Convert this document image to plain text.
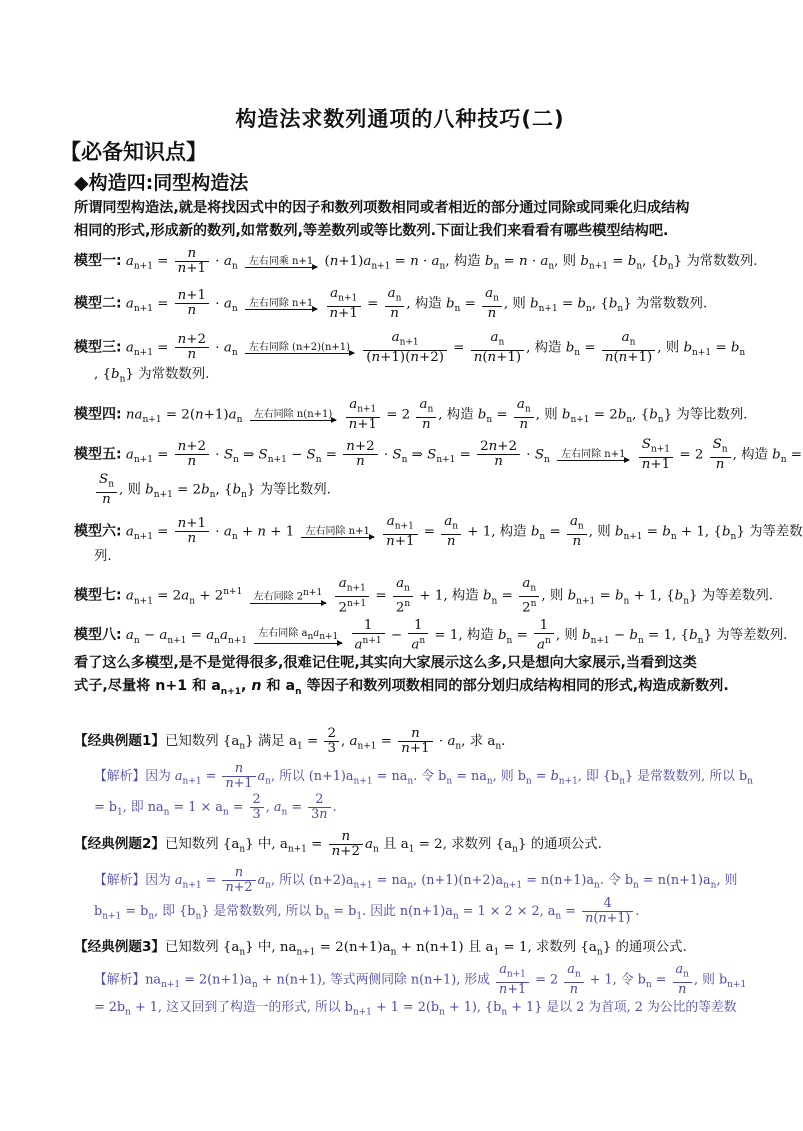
构造法求数列通项的八种技巧(二)
【必备知识点】
◆构造四:同型构造法
所谓同型构造法,就是将找因式中的因子和数列项数相同或者相近的部分通过同除或同乘化归成结构
相同的形式,形成新的数列,如常数列,等差数列或等比数列.下面让我们来看看有哪些模型结构吧.
模型一: $a_{n+1} = \frac{n}{n+1} \cdot a_n$
左右同乘 n+1 $(n+1)a_{n+1} = n \cdot a_n$, 构造 $b_n = n \cdot a_n$, 则 $b_{n+1} = b_n$, $\{b_n\}$ 为常数数列.
模型二: $a_{n+1} = \frac{n+1}{n} \cdot a_n$
左右同除 n+1
$\frac{a_{n+1}}{n+1} = \frac{a_n}{n}$ , 构造 $b_n = \frac{a_n}{n}$ , 则 $b_{n+1} = b_n$, $\{b_n\}$ 为常数数列.
模型三: $a_{n+1} = \frac{n+2}{n} \cdot a_n$
左右同除 (n+2)(n+1)
$\frac{a_{n+1}}{(n+1)(n+2)} = \frac{a_n}{n(n+1)}$ , 构造 $b_n = \frac{a_n}{n(n+1)}$ , 则 $b_{n+1} = b_n$
, $\{b_n\}$ 为常数数列.
模型四: $na_{n+1} = 2(n+1)a_n$
左右同除 n(n+1)
$\frac{a_{n+1}}{n+1} = 2 \frac{a_n}{n}$ , 构造 $b_n = \frac{a_n}{n}$ , 则 $b_{n+1} = 2b_n$, $\{b_n\}$ 为等比数列.
模型五: $a_{n+1} = \frac{n+2}{n} \cdot S_n$ ⇒ $S_{n+1} - S_n = \frac{n+2}{n} \cdot S_n$ ⇒ $S_{n+1} = \frac{2n+2}{n} \cdot S_n$
左右同除 n+1
$\frac{S_{n+1}}{n+1} = 2 \frac{S_n}{n}$ , 构造 $b_n$ =
$\frac{S_n}{n}$ , 则 $b_{n+1} = 2b_n$, $\{b_n\}$ 为等比数列.
模型六: $a_{n+1} = \frac{n+1}{n} \cdot a_n + n + 1$ 左右同除 n+1
$\frac{a_{n+1}}{n+1} = \frac{a_n}{n} + 1$, 构造 $b_n = \frac{a_n}{n}$ , 则 $b_{n+1} = b_n + 1$, $\{b_n\}$ 为等差数
列.
模型七: $a_{n+1} = 2a_n + 2^{n+1}$	左右同除 $2^{n+1}$
$\frac{a_{n+1}}{2^{n+1}} = \frac{a_n}{2^n} + 1$, 构造 $b_n = \frac{a_n}{2^n}$ , 则 $b_{n+1} = b_n + 1$, $\{b_n\}$ 为等差数列.
模型八: $a_n - a_{n+1} = a_na_{n+1}$
左右同除 $a_na_{n+1}$
$\frac{1}{a^{n+1}} - \frac{1}{a^n} = 1$, 构造 $b_n = \frac{1}{a^n}$ , 则 $b_{n+1} - b_n = 1$, $\{b_n\}$ 为等差数列.
看了这么多模型,是不是觉得很多,很难记住呢,其实向大家展示这么多,只是想向大家展示,当看到这类
式子,尽量将 n+1 和 $a_{n+1}$, n 和 $a_n$ 等因子和数列项数相同的部分划归成结构相同的形式,构造成新数列.
【经典例题1】已知数列 $\{a_n\}$ 满足 $a_1 = \frac{2}{3}$ , $a_{n+1} = \frac{n}{n+1} \cdot a_n$, 求 $a_n$.
【解析】因为 $a_{n+1} = \frac{n}{n+1} a_n$, 所以 $(n+1)a_{n+1} = na_n$. 令 $b_n = na_n$, 则 $b_n = b_{n+1}$, 即 $\{b_n\}$ 是常数数列, 所以 $b_n$
= $b_1$, 即 $na_n = 1 \times a_n = \frac{2}{3}$ , $a_n = \frac{2}{3n}$ .
【经典例题2】已知数列 $\{a_n\}$ 中, $a_{n+1} = \frac{n}{n+2} a_n$ 且 $a_1 = 2$, 求数列 $\{a_n\}$ 的通项公式.
【解析】因为 $a_{n+1} = \frac{n}{n+2} a_n$, 所以 $(n+2)a_{n+1} = na_n$, $(n+1)(n+2)a_{n+1} = n(n+1)a_n$. 令 $b_n = n(n+1)a_n$, 则
$b_{n+1} = b_n$, 即 $\{b_n\}$ 是常数数列, 所以 $b_n = b_1$. 因此 $n(n+1)a_n = 1 \times 2 \times 2$, $a_n = \frac{4}{n(n+1)}$ .
【经典例题3】已知数列 $\{a_n\}$ 中, $na_{n+1} = 2(n+1)a_n + n(n+1)$ 且 $a_1 = 1$, 求数列 $\{a_n\}$ 的通项公式.
【解析】$na_{n+1} = 2(n+1)a_n + n(n+1)$, 等式两侧同除 n(n+1), 形成 $\frac{a_{n+1}}{n+1} = 2 \frac{a_n}{n} + 1$, 令 $b_n = \frac{a_n}{n}$ , 则 $b_{n+1}$
= $2b_n + 1$, 这又回到了构造一的形式, 所以 $b_{n+1} + 1 = 2(b_n + 1)$, $\{b_n + 1\}$ 是以 2 为首项, 2 为公比的等差数
